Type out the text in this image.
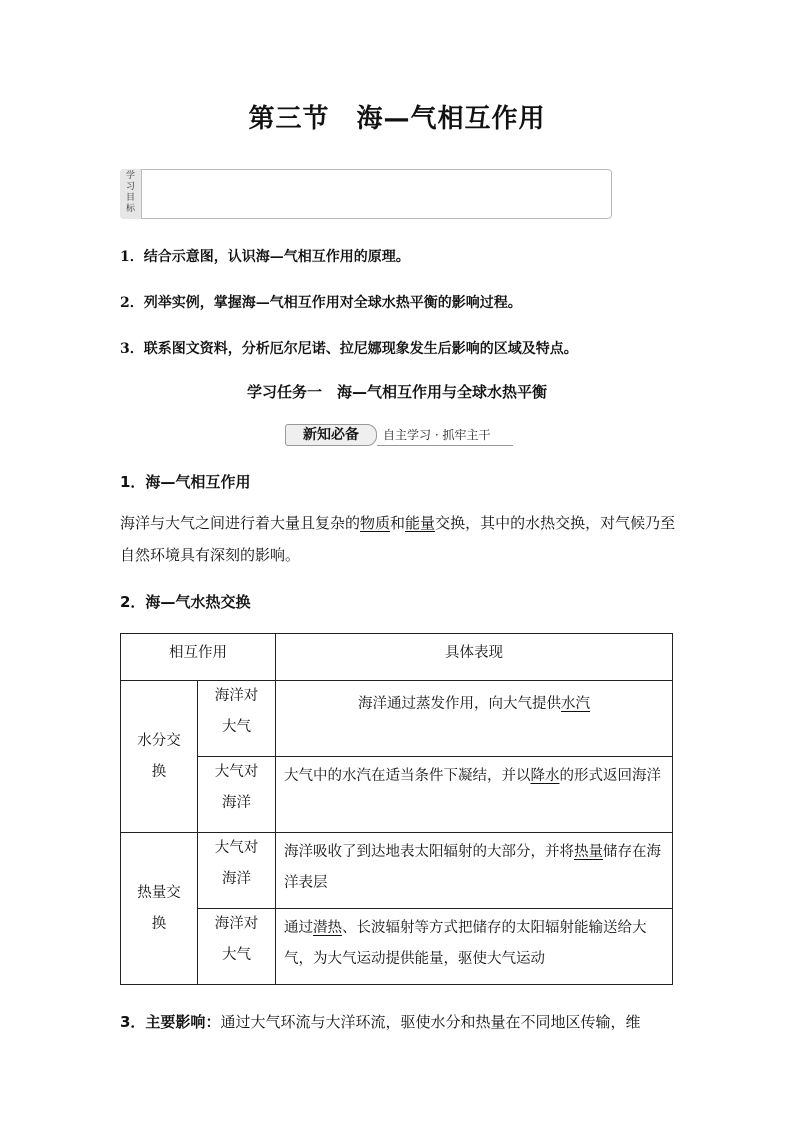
第三节　海—气相互作用
学
习
目
标
1．结合示意图，认识海—气相互作用的原理。
2．列举实例，掌握海—气相互作用对全球水热平衡的影响过程。
3．联系图文资料，分析厄尔尼诺、拉尼娜现象发生后影响的区域及特点。
学习任务一　海—气相互作用与全球水热平衡
新知必备	自主学习 · 抓牢主干
1．海—气相互作用
海洋与大气之间进行着大量且复杂的物质和能量交换，其中的水热交换，对气候乃至自然环境具有深刻的影响。
2．海—气水热交换
相互作用		具体表现
水分交换	海洋对大气	海洋通过蒸发作用，向大气提供水汽
	大气对海洋	大气中的水汽在适当条件下凝结，并以降水的形式返回海洋
热量交换	大气对海洋	海洋吸收了到达地表太阳辐射的大部分，并将热量储存在海洋表层
	海洋对大气	通过潜热、长波辐射等方式把储存的太阳辐射能输送给大气，为大气运动提供能量，驱使大气运动
3．主要影响：通过大气环流与大洋环流，驱使水分和热量在不同地区传输，维
